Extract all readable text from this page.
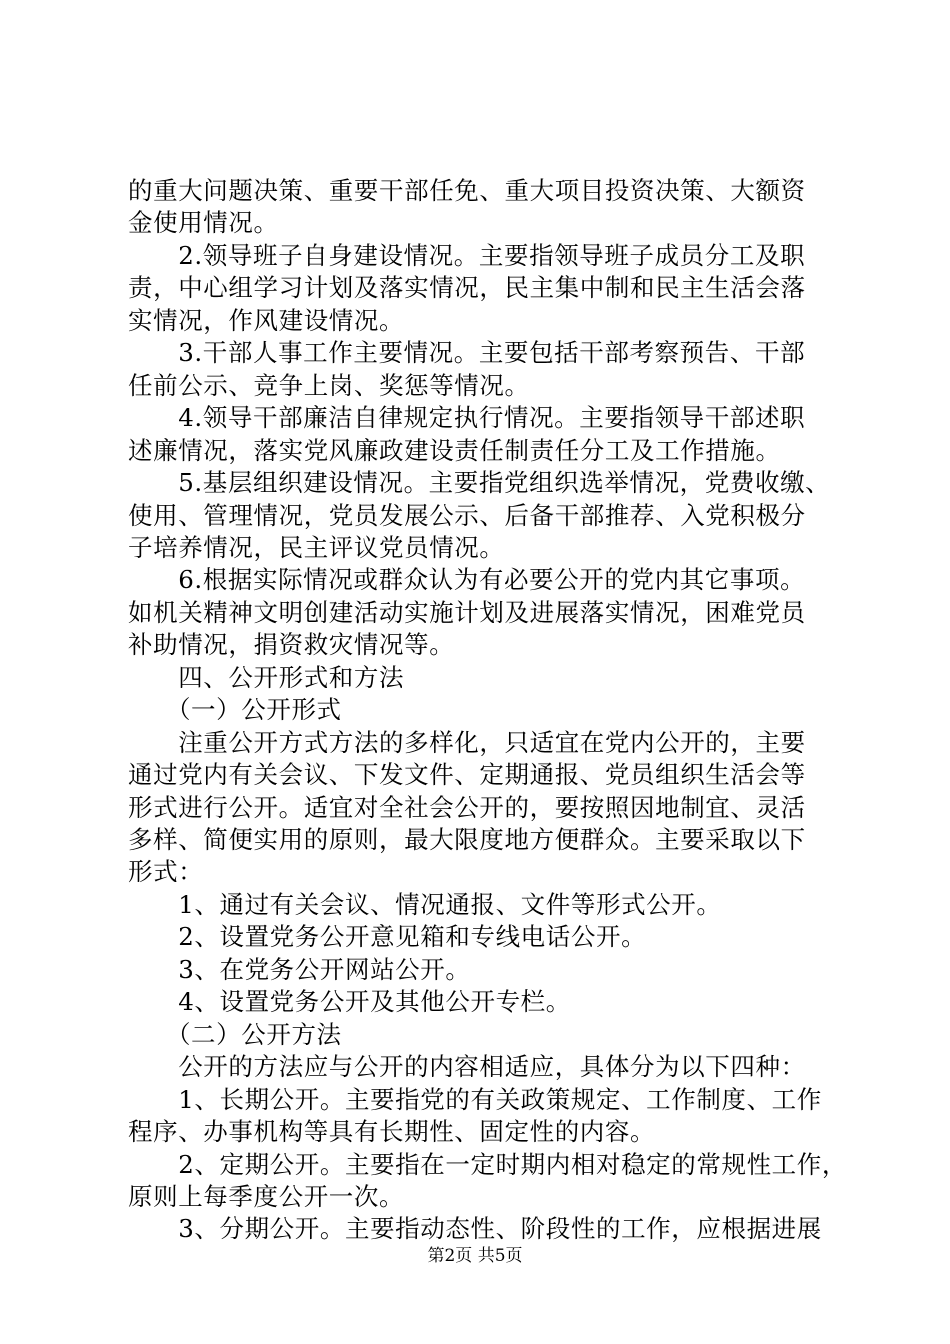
的重大问题决策、重要干部任免、重大项目投资决策、大额资
金使用情况。
　　2.领导班子自身建设情况。主要指领导班子成员分工及职
责，中心组学习计划及落实情况，民主集中制和民主生活会落
实情况，作风建设情况。
　　3.干部人事工作主要情况。主要包括干部考察预告、干部
任前公示、竞争上岗、奖惩等情况。
　　4.领导干部廉洁自律规定执行情况。主要指领导干部述职
述廉情况，落实党风廉政建设责任制责任分工及工作措施。
　　5.基层组织建设情况。主要指党组织选举情况，党费收缴、
使用、管理情况，党员发展公示、后备干部推荐、入党积极分
子培养情况，民主评议党员情况。
　　6.根据实际情况或群众认为有必要公开的党内其它事项。
如机关精神文明创建活动实施计划及进展落实情况，困难党员
补助情况，捐资救灾情况等。
　　四、公开形式和方法
　　（一）公开形式
　　注重公开方式方法的多样化，只适宜在党内公开的，主要
通过党内有关会议、下发文件、定期通报、党员组织生活会等
形式进行公开。适宜对全社会公开的，要按照因地制宜、灵活
多样、简便实用的原则，最大限度地方便群众。主要采取以下
形式：
　　1、通过有关会议、情况通报、文件等形式公开。
　　2、设置党务公开意见箱和专线电话公开。
　　3、在党务公开网站公开。
　　4、设置党务公开及其他公开专栏。
　　（二）公开方法
　　公开的方法应与公开的内容相适应，具体分为以下四种：
　　1、长期公开。主要指党的有关政策规定、工作制度、工作
程序、办事机构等具有长期性、固定性的内容。
　　2、定期公开。主要指在一定时期内相对稳定的常规性工作，
原则上每季度公开一次。
　　3、分期公开。主要指动态性、阶段性的工作，应根据进展
第2页 共5页
